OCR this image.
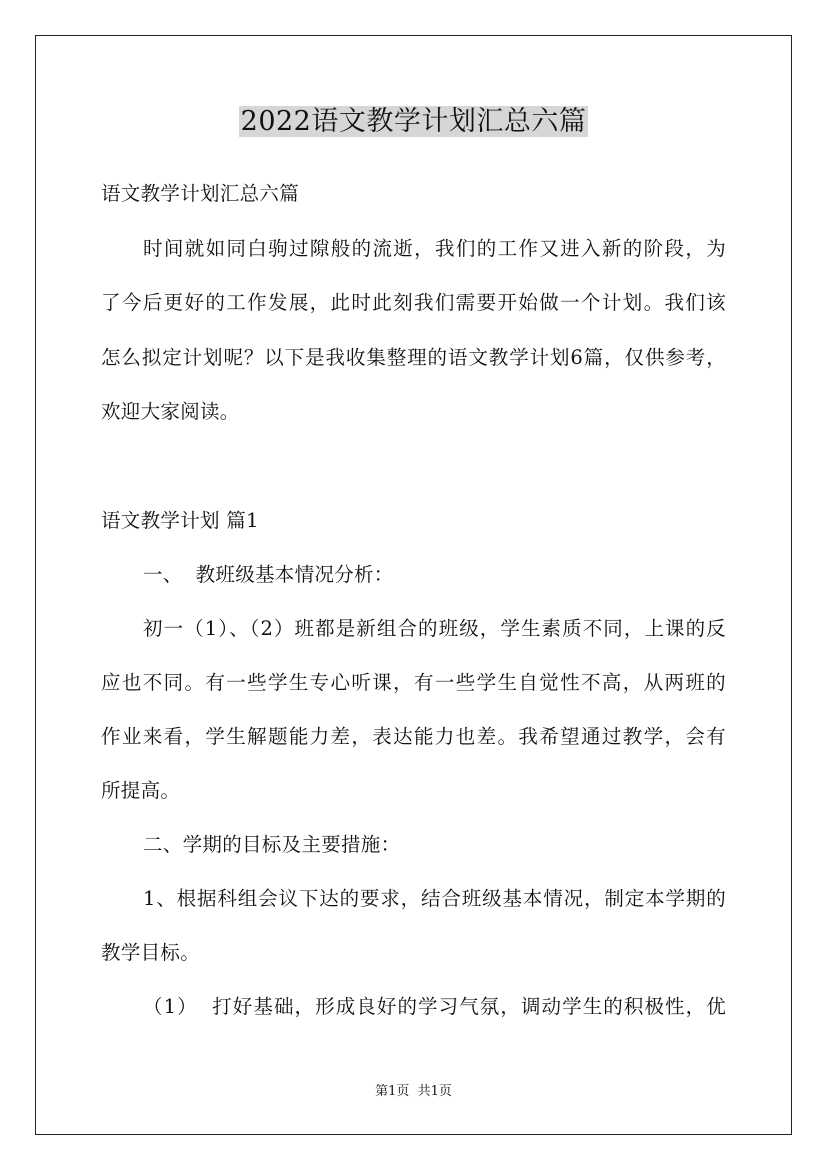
2022语文教学计划汇总六篇

语文教学计划汇总六篇

时间就如同白驹过隙般的流逝，我们的工作又进入新的阶段，为

了今后更好的工作发展，此时此刻我们需要开始做一个计划。我们该

怎么拟定计划呢？以下是我收集整理的语文教学计划6篇，仅供参考，

欢迎大家阅读。

语文教学计划 篇1

一、  教班级基本情况分析：

初一（1）、（2）班都是新组合的班级，学生素质不同，上课的反

应也不同。有一些学生专心听课，有一些学生自觉性不高，从两班的

作业来看，学生解题能力差，表达能力也差。我希望通过教学，会有

所提高。

二、学期的目标及主要措施：

1、根据科组会议下达的要求，结合班级基本情况，制定本学期的

教学目标。

（1）  打好基础，形成良好的学习气氛，调动学生的积极性，优

第1页  共1页
